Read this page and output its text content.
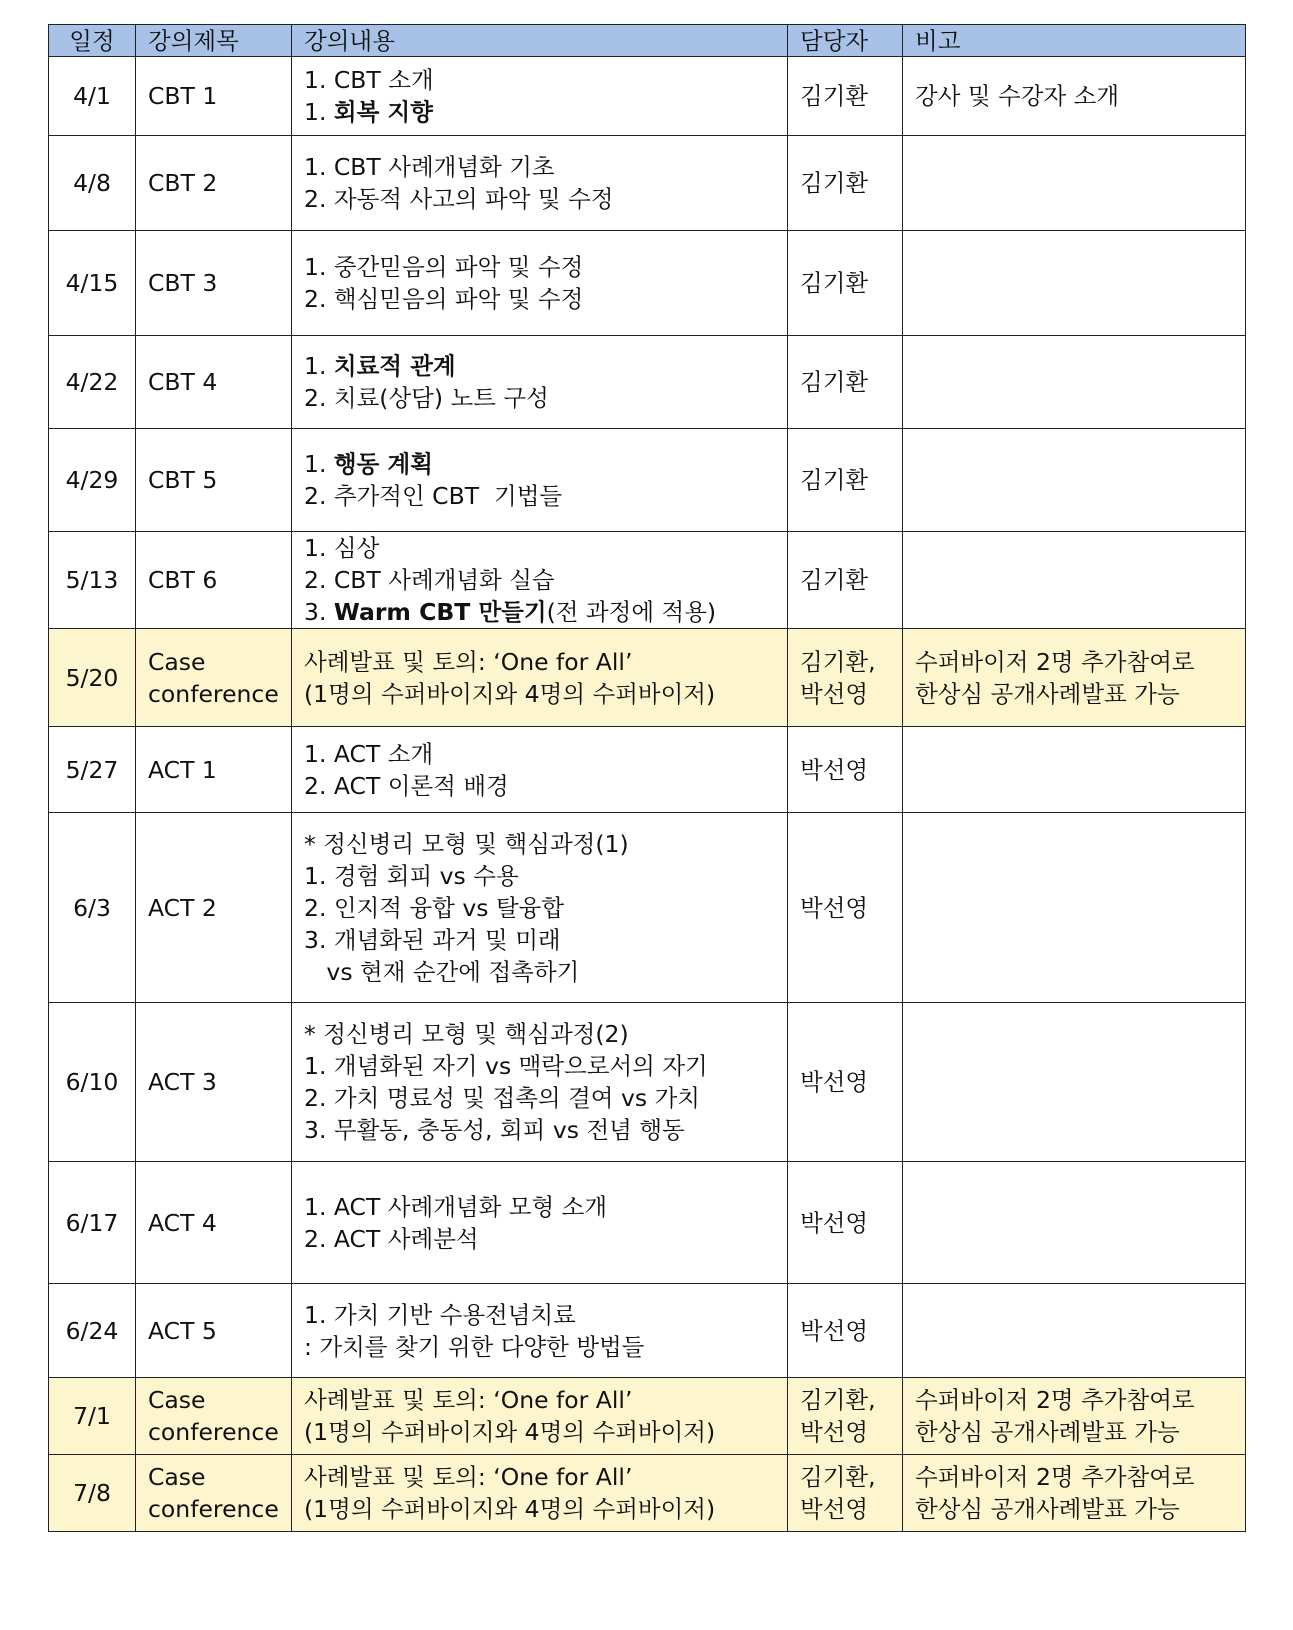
일정	강의제목	강의내용	담당자	비고
4/1	CBT 1	1. CBT 소개
1. 회복 지향	김기환	강사 및 수강자 소개

4/8	CBT 2	1. CBT 사례개념화 기초
2. 자동적 사고의 파악 및 수정	김기환	

4/15	CBT 3	1. 중간믿음의 파악 및 수정
2. 핵심믿음의 파악 및 수정	김기환	

4/22	CBT 4	1. 치료적 관계
2. 치료(상담) 노트 구성	김기환	

4/29	CBT 5	1. 행동 계획
2. 추가적인 CBT  기법들	김기환	

5/13	CBT 6	1. 심상
2. CBT 사례개념화 실습
3. Warm CBT 만들기(전 과정에 적용)	김기환	

5/20	Case
conference	사례발표 및 토의: ‘One for All’
(1명의 수퍼바이지와 4명의 수퍼바이저)	김기환,
박선영	수퍼바이저 2명 추가참여로
한상심 공개사례발표 가능

5/27	ACT 1	1. ACT 소개
2. ACT 이론적 배경	박선영	

6/3	ACT 2	* 정신병리 모형 및 핵심과정(1)
1. 경험 회피 vs 수용
2. 인지적 융합 vs 탈융합
3. 개념화된 과거 및 미래
vs 현재 순간에 접촉하기	박선영	

6/10	ACT 3	* 정신병리 모형 및 핵심과정(2)
1. 개념화된 자기 vs 맥락으로서의 자기
2. 가치 명료성 및 접촉의 결여 vs 가치
3. 무활동, 충동성, 회피 vs 전념 행동	박선영	

6/17	ACT 4	1. ACT 사례개념화 모형 소개
2. ACT 사례분석	박선영	

6/24	ACT 5	1. 가치 기반 수용전념치료
: 가치를 찾기 위한 다양한 방법들	박선영	

7/1	Case
conference	사례발표 및 토의: ‘One for All’
(1명의 수퍼바이지와 4명의 수퍼바이저)	김기환,
박선영	수퍼바이저 2명 추가참여로
한상심 공개사례발표 가능

7/8	Case
conference	사례발표 및 토의: ‘One for All’
(1명의 수퍼바이지와 4명의 수퍼바이저)	김기환,
박선영	수퍼바이저 2명 추가참여로
한상심 공개사례발표 가능
